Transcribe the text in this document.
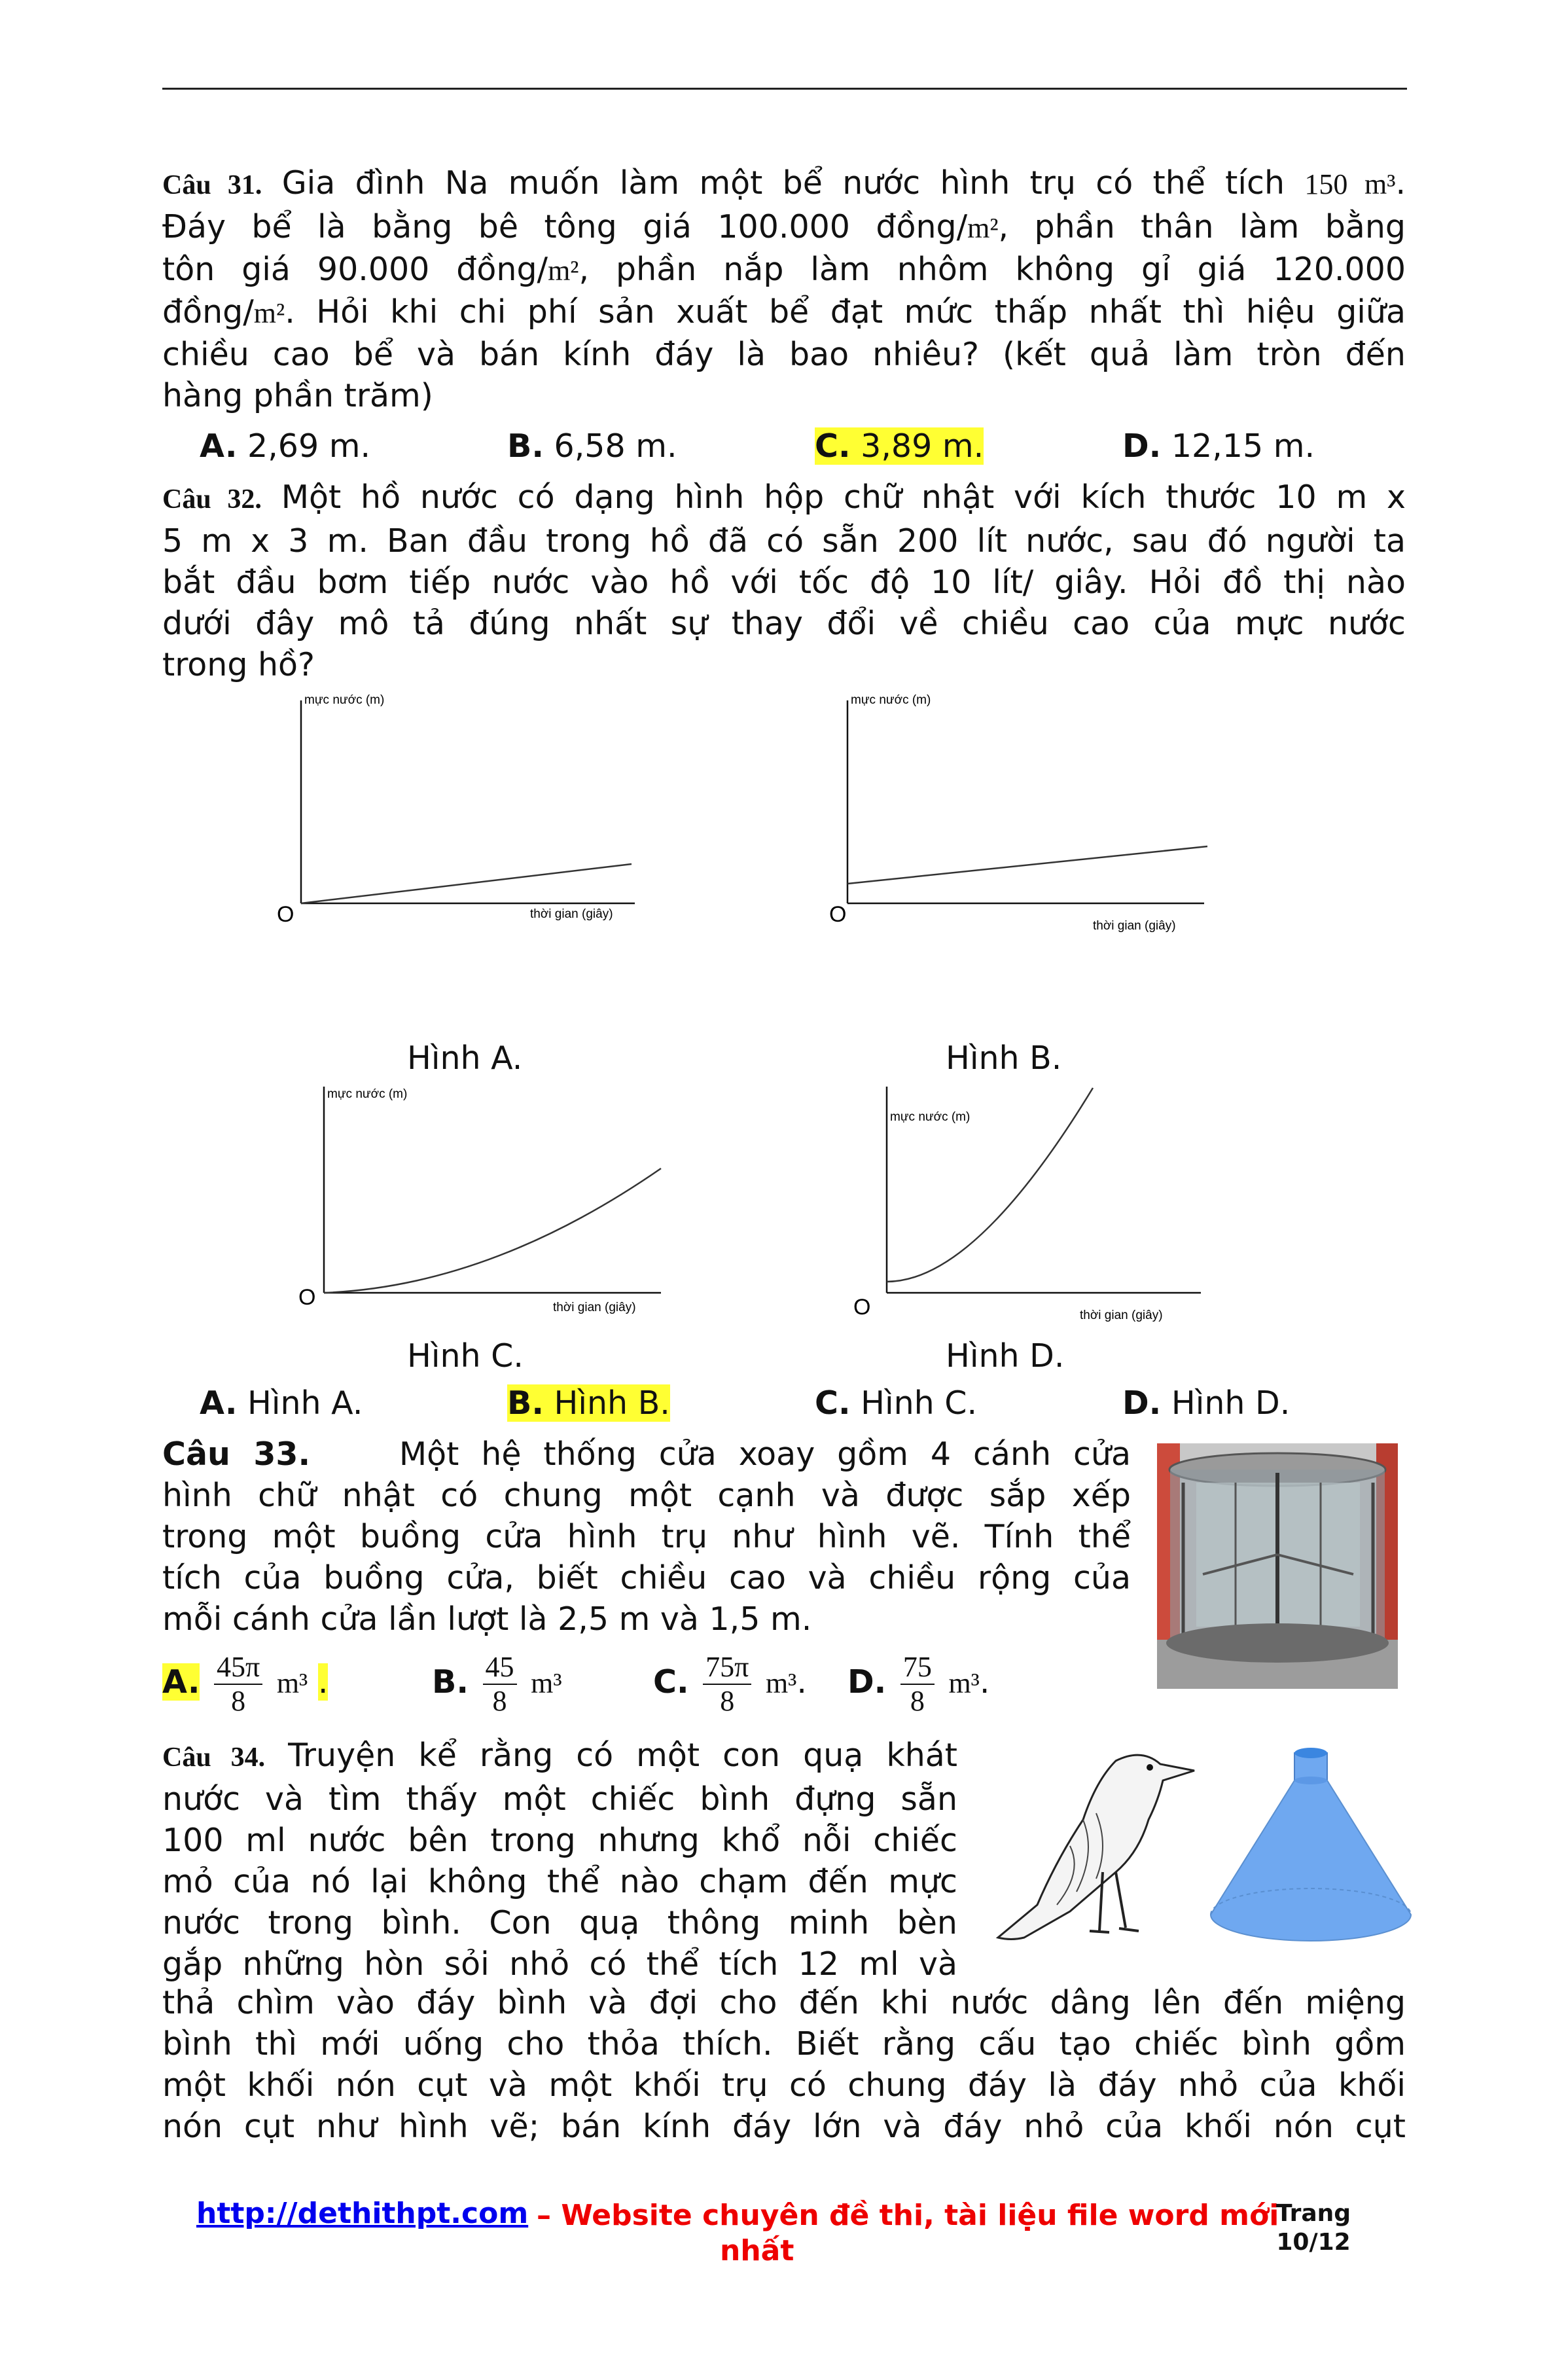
Câu 31. Gia đình Na muốn làm một bể nước hình trụ có thể tích 150 m³.
Đáy bể là bằng bê tông giá 100.000 đồng/m², phần thân làm bằng
tôn giá 90.000 đồng/m², phần nắp làm nhôm không gỉ giá 120.000
đồng/m². Hỏi khi chi phí sản xuất bể đạt mức thấp nhất thì hiệu giữa
chiều cao bể và bán kính đáy là bao nhiêu? (kết quả làm tròn đến
hàng phần trăm)
A. 2,69 m.	B. 6,58 m.	C. 3,89 m.	D. 12,15 m.
Câu 32. Một hồ nước có dạng hình hộp chữ nhật với kích thước 10 m x
5 m x 3 m. Ban đầu trong hồ đã có sẵn 200 lít nước, sau đó người ta
bắt đầu bơm tiếp nước vào hồ với tốc độ 10 lít/ giây. Hỏi đồ thị nào
dưới đây mô tả đúng nhất sự thay đổi về chiều cao của mực nước
trong hồ?
mực nước (m)
thời gian (giây)
O
Hình A.
mực nước (m)
thời gian (giây)
O
Hình B.
mực nước (m)
thời gian (giây)
O
Hình C.
mực nước (m)
thời gian (giây)
O
Hình D.
A. Hình A.	B. Hình B.	C. Hình C.	D. Hình D.
Câu 33.	Một hệ thống cửa xoay gồm 4 cánh cửa
hình chữ nhật có chung một cạnh và được sắp xếp
trong một buồng cửa hình trụ như hình vẽ. Tính thể
tích của buồng cửa, biết chiều cao và chiều rộng của
mỗi cánh cửa lần lượt là 2,5 m và 1,5 m.
A. $\frac{45\pi}{8} m^3$ .	B. $\frac{45}{8} m^3$	C. $\frac{75\pi}{8} m^3$. D. $\frac{75}{8} m^3$.
Câu 34. Truyện kể rằng có một con quạ khát
nước và tìm thấy một chiếc bình đựng sẵn
100 ml nước bên trong nhưng khổ nỗi chiếc
mỏ của nó lại không thể nào chạm đến mực
nước trong bình. Con quạ thông minh bèn
gắp những hòn sỏi nhỏ có thể tích 12 ml và
thả chìm vào đáy bình và đợi cho đến khi nước dâng lên đến miệng
bình thì mới uống cho thỏa thích. Biết rằng cấu tạo chiếc bình gồm
một khối nón cụt và một khối trụ có chung đáy là đáy nhỏ của khối
nón cụt như hình vẽ; bán kính đáy lớn và đáy nhỏ của khối nón cụt
http://dethithpt.com – Website chuyên đề thi, tài liệu file word mới
nhất
Trang
10/12
